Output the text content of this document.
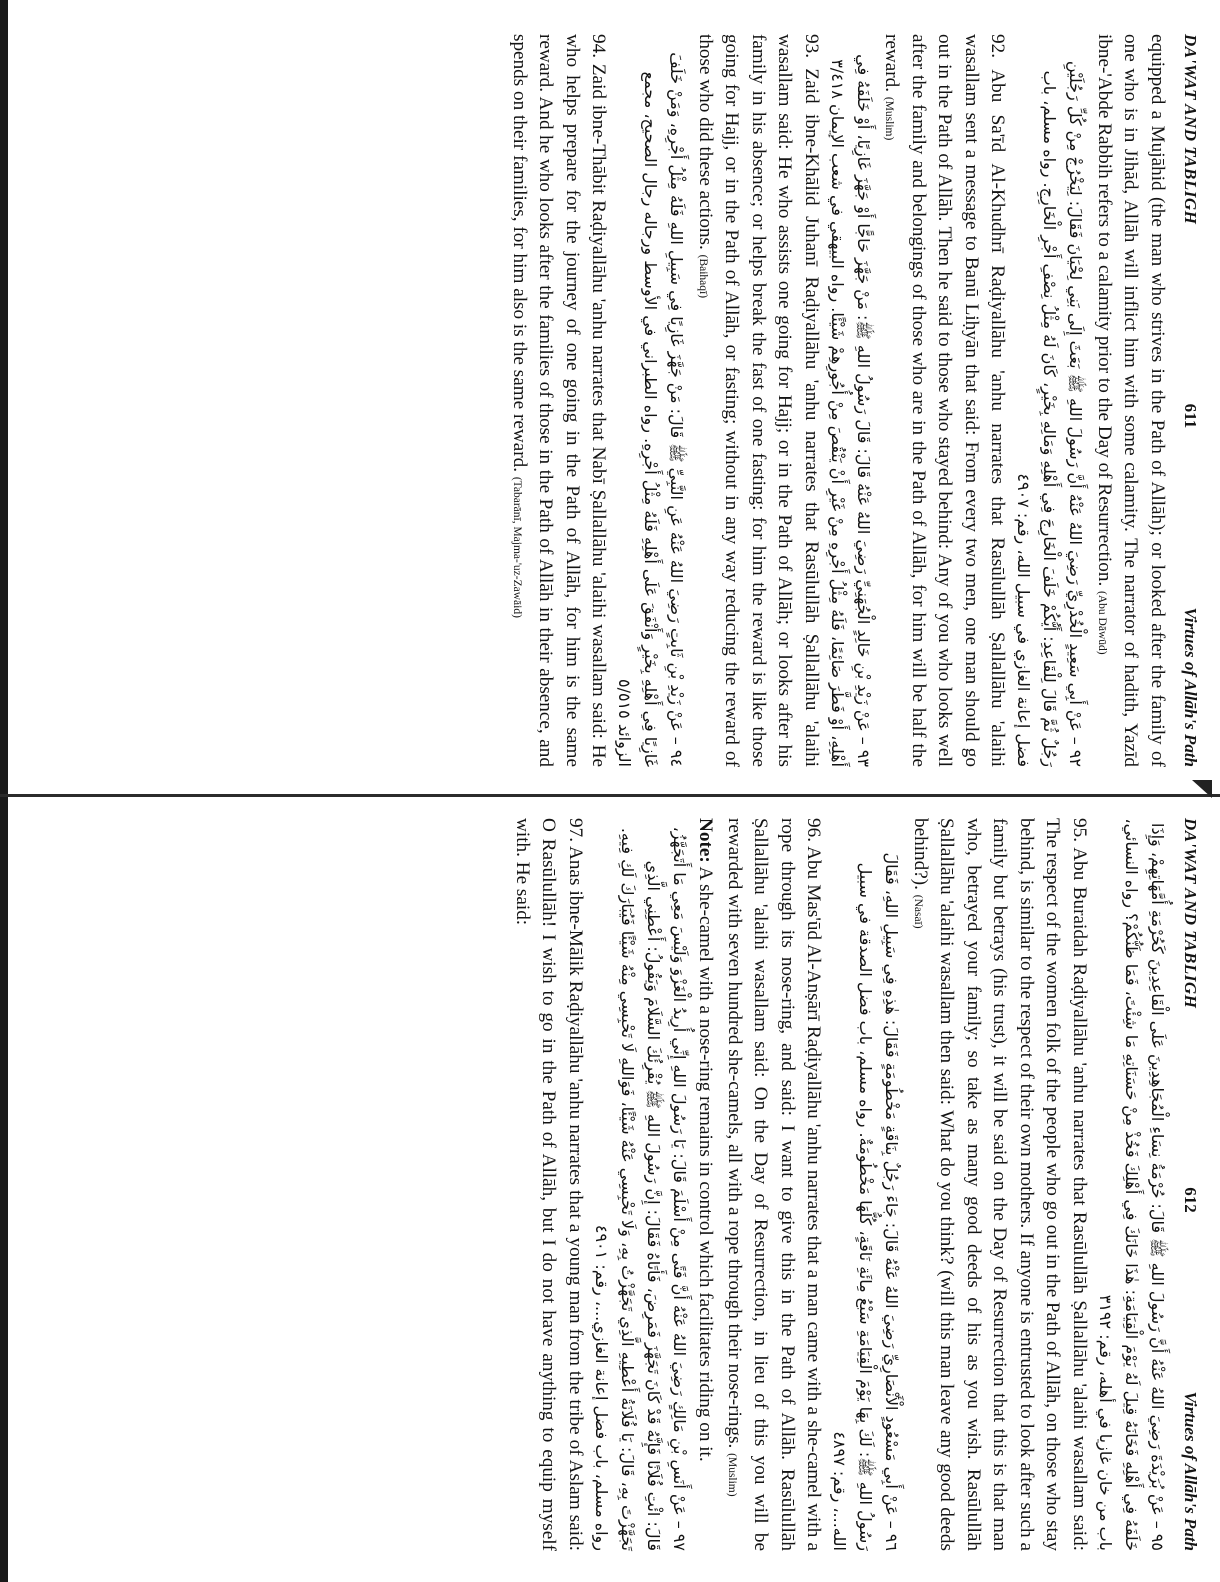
DA'WAT AND TABLIGH
611
Virtues of Allāh's Path

equipped a Mujāhid (the man who strives in the Path of Allāh); or looked after the family of one who is in Jihād, Allāh will inflict him with some calamity. The narrator of hadith, Yazīd ibne-'Abde Rabbih refers to a calamity prior to the Day of Resurrection. (Abu Dāwūd)

٩٢ – عَنْ أَبِي سَعِيدٍ الْخُدْرِيِّ رَضِيَ اللهُ عَنْهُ أَنَّ رَسُولَ اللهِ ﷺ بَعَثَ إِلَى بَنِي لِحْيَانَ فَقَالَ: لِيَخْرُجْ مِنْ كُلِّ رَجُلَيْنِ رَجُلٌ ثُمَّ قَالَ لِلْقَاعِدِ: أَيُّكُمْ خَلَفَ الْخَارِجَ فِي أَهْلِهِ وَمَالِهِ بِخَيْرٍ، كَانَ لَهُ مِثْلُ نِصْفِ أَجْرِ الْخَارِجِ. رواه مسلم، باب فضل إعانة الغازي في سبيل الله، رقم: ٤٩٠٧

92. Abu Sa'īd Al-Khudhrī Raḍiyallāhu 'anhu narrates that Rasūlullāh Ṣallallāhu 'alaihi wasallam sent a message to Banū Liḥyān that said: From every two men, one man should go out in the Path of Allāh. Then he said to those who stayed behind: Any of you who looks well after the family and belongings of those who are in the Path of Allāh, for him will be half the reward. (Muslim)

٩٣ – عَنْ زَيْدِ بْنِ خَالِدٍ الْجُهَنِيِّ رَضِيَ اللهُ عَنْهُ قَالَ: قَالَ رَسُولُ اللهِ ﷺ: مَنْ جَهَّزَ حَاجًّا أَوْ جَهَّزَ غَازِيًا، أَوْ خَلَفَهُ فِي أَهْلِهِ، أَوْ فَطَّرَ صَائِمًا، فَلَهُ مِثْلُ أَجْرِهِ مِنْ غَيْرِ أَنْ يَنْقُصَ مِنْ أُجُورِهِمْ شَيْئًا. رواه البيهقي في شعب الإيمان ٣/٤١٨

93. Zaid ibne-Khālid Juhanī Raḍiyallāhu 'anhu narrates that Rasūlullāh Ṣallallāhu 'alaihi wasallam said: He who assists one going for Hajj; or in the Path of Allāh; or looks after his family in his absence; or helps break the fast of one fasting: for him the reward is like those going for Hajj, or in the Path of Allāh, or fasting; without in any way reducing the reward of those who did these actions. (Baihaqī)

٩٤ – عَنْ زَيْدِ بْنِ ثَابِتٍ رَضِيَ اللهُ عَنْهُ عَنِ النَّبِيِّ ﷺ قَالَ: مَنْ جَهَّزَ غَازِيًا فِي سَبِيلِ اللهِ فَلَهُ مِثْلُ أَجْرِهِ، وَمَنْ خَلَفَ غَازِيًا فِي أَهْلِهِ بِخَيْرٍ وَأَنْفَقَ عَلَى أَهْلِهِ فَلَهُ مِثْلُ أَجْرِهِ. رواه الطبراني في الأوسط ورجاله رجال الصحيح، مجمع الزوائد ٥/٥١٥

94. Zaid ibne-Thābit Raḍiyallāhu 'anhu narrates that Nabī Ṣallallāhu 'alaihi wasallam said: He who helps prepare for the journey of one going in the Path of Allāh, for him is the same reward. And he who looks after the families of those in the Path of Allāh in their absence, and spends on their families, for him also is the same reward. (Tabarānī, Majma-'uz-Zawāid)

DA'WAT AND TABLIGH
612
Virtues of Allāh's Path

٩٥ – عَنْ بُرَيْدَةَ رَضِيَ اللهُ عَنْهُ أَنَّ رَسُولَ اللهِ ﷺ قَالَ: حُرْمَةُ نِسَاءِ الْمُجَاهِدِينَ عَلَى الْقَاعِدِينَ كَحُرْمَةِ أُمَّهَاتِهِمْ، وَإِذَا خَلَفَهُ فِي أَهْلِهِ فَخَانَهُ قِيلَ لَهُ يَوْمَ الْقِيَامَةِ: هٰذَا خَانَكَ فِي أَهْلِكَ فَخُذْ مِنْ حَسَنَاتِهِ مَا شِئْتَ، فَمَا ظَنُّكُمْ؟ رواه النسائي، باب من خان غازيا في أهله، رقم: ٣١٩٢

95. Abu Buraidah Raḍiyallāhu 'anhu narrates that Rasūlullāh Ṣallallāhu 'alaihi wasallam said: The respect of the women folk of the people who go out in the Path of Allāh, on those who stay behind, is similar to the respect of their own mothers. If anyone is entrusted to look after such a family but betrays (his trust), it will be said on the Day of Resurrection that this is that man who, betrayed your family; so take as many good deeds of his as you wish. Rasūlullāh Ṣallallāhu 'alaihi wasallam then said: What do you think? (will this man leave any good deeds behind?). (Nasaī)

٩٦ – عَنْ أَبِي مَسْعُودٍ الْأَنْصَارِيِّ رَضِيَ اللهُ عَنْهُ قَالَ: جَاءَ رَجُلٌ بِنَاقَةٍ مَخْطُومَةٍ فَقَالَ: هٰذِهِ فِي سَبِيلِ اللهِ، فَقَالَ رَسُولُ اللهِ ﷺ: لَكَ بِهَا يَوْمَ الْقِيَامَةِ سَبْعُ مِائَةِ نَاقَةٍ، كُلُّهَا مَخْطُومَةٌ. رواه مسلم، باب فضل الصدقة في سبيل الله...، رقم: ٤٨٩٧

96. Abu Mas'ūd Al-Anṣārī Raḍiyallāhu 'anhu narrates that a man came with a she-camel with a rope through its nose-ring, and said: I want to give this in the Path of Allāh. Rasūlullāh Ṣallallāhu 'alaihi wasallam said: On the Day of Resurrection, in lieu of this you will be rewarded with seven hundred she-camels, all with a rope through their nose-rings. (Muslim)

Note: A she-camel with a nose-ring remains in control which facilitates riding on it.

٩٧ – عَنْ أَنَسِ بْنِ مَالِكٍ رَضِيَ اللهُ عَنْهُ أَنَّ فَتًى مِنْ أَسْلَمَ قَالَ: يَا رَسُولَ اللهِ إِنِّي أُرِيدُ الْغَزْوَ وَلَيْسَ مَعِي مَا أَتَجَهَّزُ، قَالَ: ائْتِ فُلَانًا فَإِنَّهُ قَدْ كَانَ تَجَهَّزَ فَمَرِضَ، فَأَتَاهُ فَقَالَ: إِنَّ رَسُولَ اللهِ ﷺ يُقْرِئُكَ السَّلَامَ وَيَقُولُ: أَعْطِنِي الَّذِي تَجَهَّزْتَ بِهِ، قَالَ: يَا فُلَانَةُ أَعْطِيهِ الَّذِي تَجَهَّزْتُ بِهِ، وَلَا تَحْبِسِي عَنْهُ شَيْئًا، فَوَاللهِ لَا تَحْبِسِي مِنْهُ شَيْئًا فَيُبَارَكَ لَكِ فِيهِ. رواه مسلم، باب فضل إعانة الغازي...، رقم: ٤٩٠١

97. Anas ibne-Mālik Raḍiyallāhu 'anhu narrates that a young man from the tribe of Aslam said: O Rasūlullāh! I wish to go in the Path of Allāh, but I do not have anything to equip myself with. He said:
